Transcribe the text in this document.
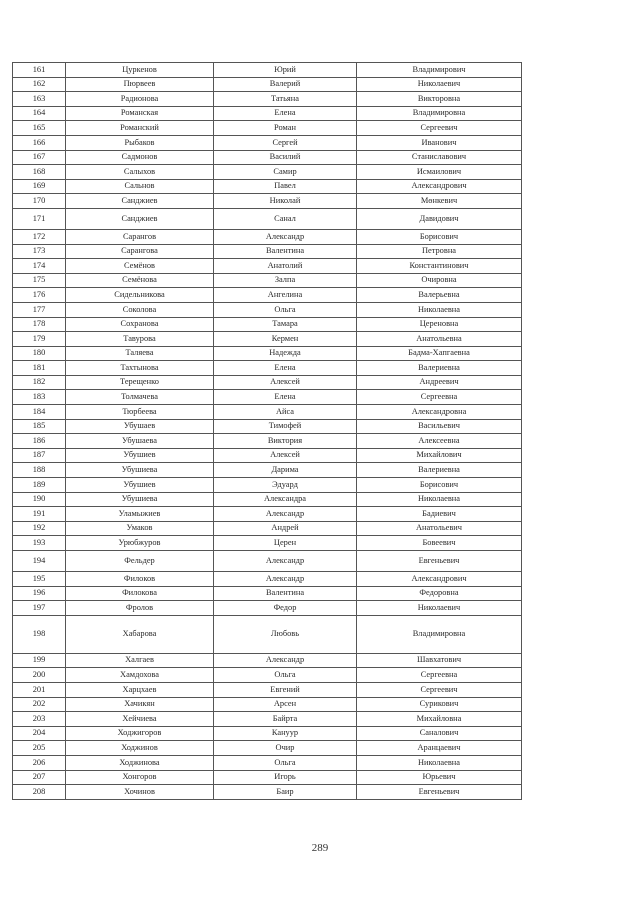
161	Цуркенов	Юрий	Владимирович
162	Пюрвеев	Валерий	Николаевич
163	Радионова	Татьяна	Викторовна
164	Романская	Елена	Владимировна
165	Романский	Роман	Сергеевич
166	Рыбаков	Сергей	Иванович
167	Садмонов	Василий	Станиславович
168	Салыхов	Самир	Исмаилович
169	Сальнов	Павел	Александрович
170	Санджиев	Николай	Мөнкевич
171	Санджиев	Санал	Давидович
172	Сарангов	Александр	Борисович
173	Сарангова	Валентина	Петровна
174	Семёнов	Анатолий	Константинович
175	Семёнова	Залпа	Очировна
176	Сидельникова	Ангелина	Валерьевна
177	Соколова	Ольга	Николаевна
178	Сохранова	Тамара	Цереновна
179	Тавурова	Кермен	Анатольевна
180	Таляева	Надежда	Бадма-Хапгаевна
181	Тахтынова	Елена	Валериевна
182	Терещенко	Алексей	Андреевич
183	Толмачева	Елена	Сергеевна
184	Тюрбеева	Айса	Александровна
185	Убушаев	Тимофей	Васильевич
186	Убушаева	Виктория	Алексеевна
187	Убушиев	Алексей	Михайлович
188	Убушиева	Дарима	Валериевна
189	Убушиев	Эдуард	Борисович
190	Убушиева	Александра	Николаевна
191	Уламыжиев	Александр	Бадиевич
192	Умаков	Андрей	Анатольевич
193	Урюбжуров	Церен	Бовеевич
194	Фельдер	Александр	Евгеньевич
195	Филоков	Александр	Александрович
196	Филокова	Валентина	Федоровна
197	Фролов	Федор	Николаевич
198	Хабарова	Любовь	Владимировна
199	Халгаев	Александр	Шавхатович
200	Хамдохова	Ольга	Сергеевна
201	Харцхаев	Евгений	Сергеевич
202	Хачикян	Арсен	Сурикович
203	Хейчиева	Байрта	Михайловна
204	Ходжигоров	Кануур	Саналович
205	Ходжинов	Очир	Аранцаевич
206	Ходжинова	Ольга	Николаевна
207	Хонгоров	Игорь	Юрьевич
208	Хочинов	Баир	Евгеньевич
289
